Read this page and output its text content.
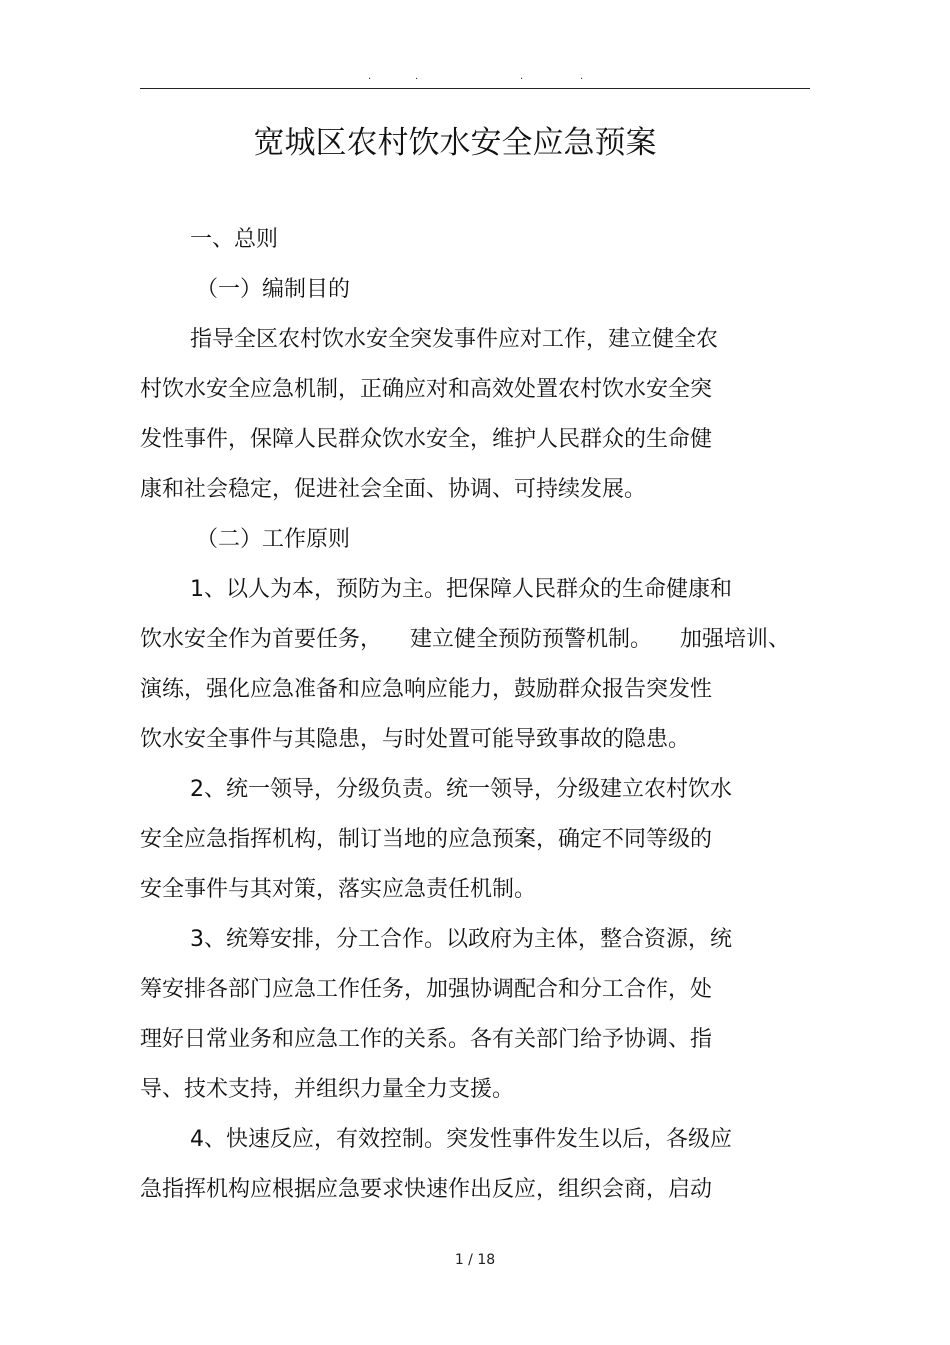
.	.	.	.
宽城区农村饮水安全应急预案
一、总则
（一）编制目的
指导全区农村饮水安全突发事件应对工作，建立健全农
村饮水安全应急机制，正确应对和高效处置农村饮水安全突
发性事件，保障人民群众饮水安全，维护人民群众的生命健
康和社会稳定，促进社会全面、协调、可持续发展。
（二）工作原则
1、以人为本，预防为主。把保障人民群众的生命健康和
饮水安全作为首要任务，    建立健全预防预警机制。    加强培训、
演练，强化应急准备和应急响应能力，鼓励群众报告突发性
饮水安全事件与其隐患，与时处置可能导致事故的隐患。
2、统一领导，分级负责。统一领导，分级建立农村饮水
安全应急指挥机构，制订当地的应急预案，确定不同等级的
安全事件与其对策，落实应急责任机制。
3、统筹安排，分工合作。以政府为主体，整合资源，统
筹安排各部门应急工作任务，加强协调配合和分工合作，处
理好日常业务和应急工作的关系。各有关部门给予协调、指
导、技术支持，并组织力量全力支援。
4、快速反应，有效控制。突发性事件发生以后，各级应
急指挥机构应根据应急要求快速作出反应，组织会商，启动
1 / 18
